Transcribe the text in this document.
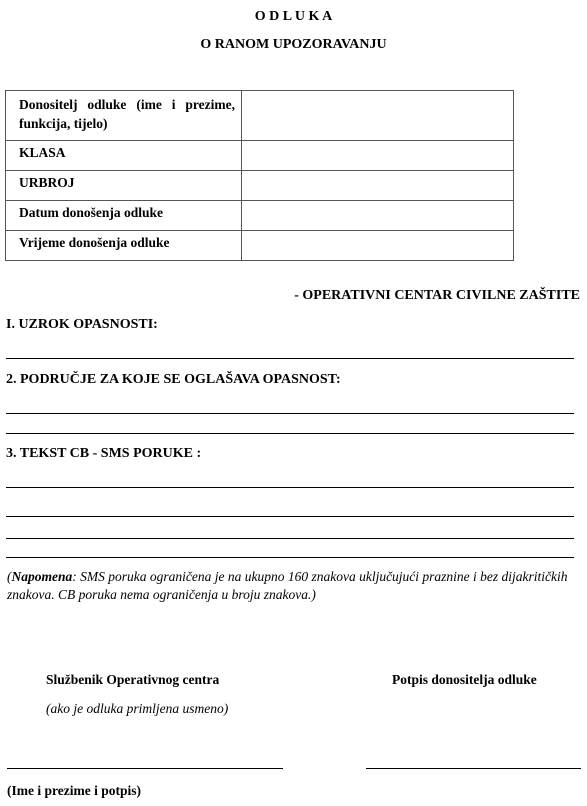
O D L U K A
O RANOM UPOZORAVANJU
Donositelj odluke (ime i prezime, funkcija, tijelo)	
KLASA	
URBROJ	
Datum donošenja odluke	
Vrijeme donošenja odluke	
- OPERATIVNI CENTAR CIVILNE ZAŠTITE
I. UZROK OPASNOSTI:
2. PODRUČJE ZA KOJE SE OGLAŠAVA OPASNOST:
3. TEKST CB - SMS PORUKE :
(Napomena: SMS poruka ograničena je na ukupno 160 znakova uključujući praznine i bez dijakritičkih znakova. CB poruka nema ograničenja u broju znakova.)
Službenik Operativnog centra
(ako je odluka primljena usmeno)
Potpis donositelja odluke
(Ime i prezime i potpis)
